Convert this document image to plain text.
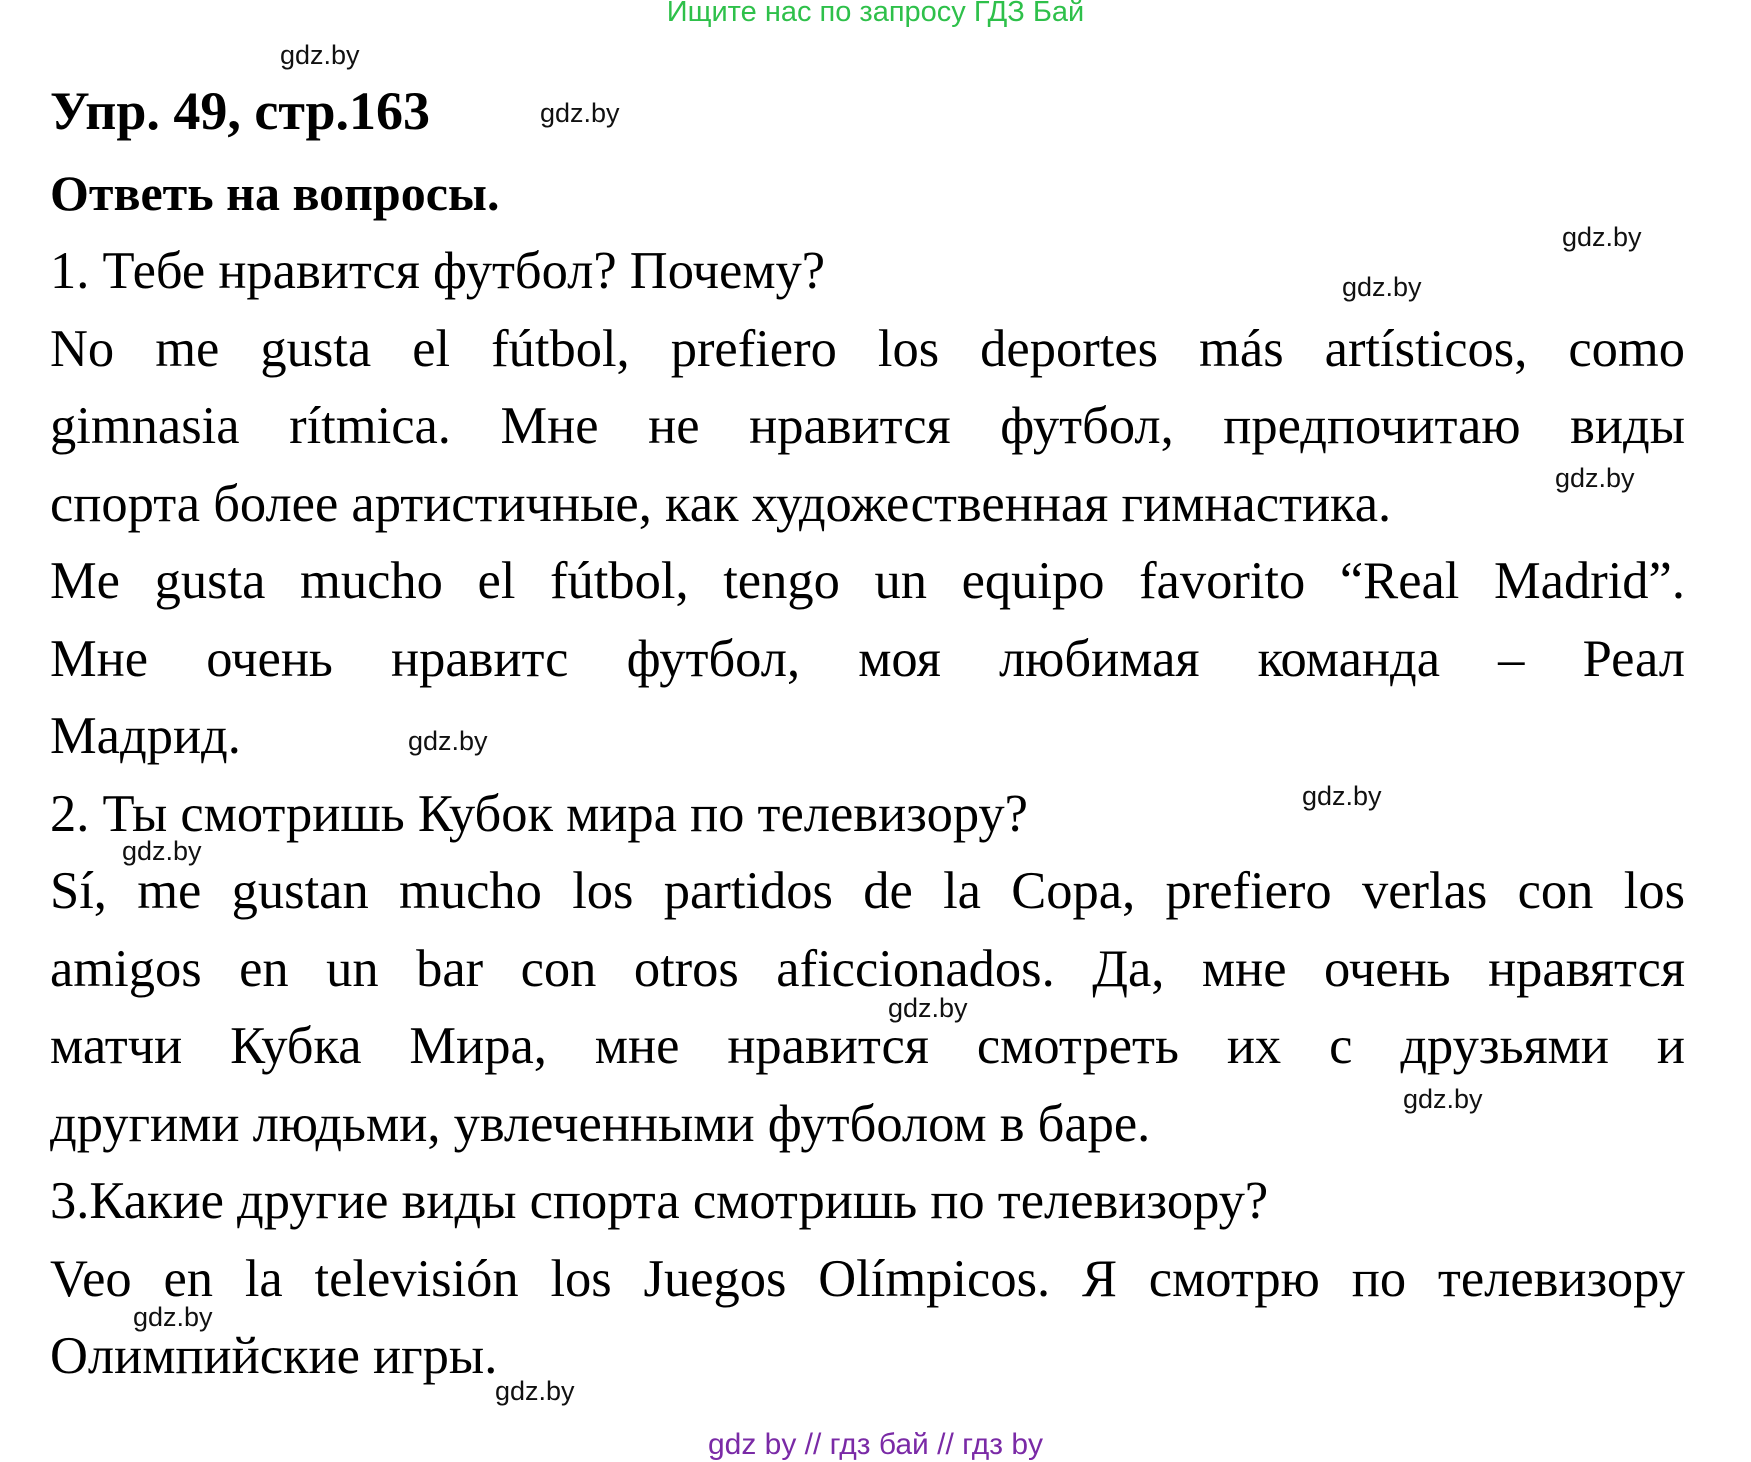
Ищите нас по запросу ГДЗ Бай
Упр. 49, стр.163
Ответь на вопросы.
1. Тебе нравится футбол? Почему?
No me gusta el fútbol, prefiero los deportes más artísticos, como
gimnasia rítmica. Мне не нравится футбол, предпочитаю виды
спорта более артистичные, как художественная гимнастика.
Me gusta mucho el fútbol, tengo un equipo favorito “Real Madrid”.
Мне очень нравитс футбол, моя любимая команда – Реал
Мадрид.
2. Ты смотришь Кубок мира по телевизору?
Sí, me gustan mucho los partidos de la Copa, prefiero verlas con los
amigos en un bar con otros aficcionados. Да, мне очень нравятся
матчи Кубка Мира, мне нравится смотреть их с друзьями и
другими людьми, увлеченными футболом в баре.
3.Какие другие виды спорта смотришь по телевизору?
Veo en la televisión los Juegos Olímpicos. Я смотрю по телевизору
Олимпийские игры.
gdz.by
gdz.by
gdz.by
gdz.by
gdz.by
gdz.by
gdz.by
gdz.by
gdz.by
gdz.by
gdz.by
gdz.by
gdz by // гдз бай // гдз by
